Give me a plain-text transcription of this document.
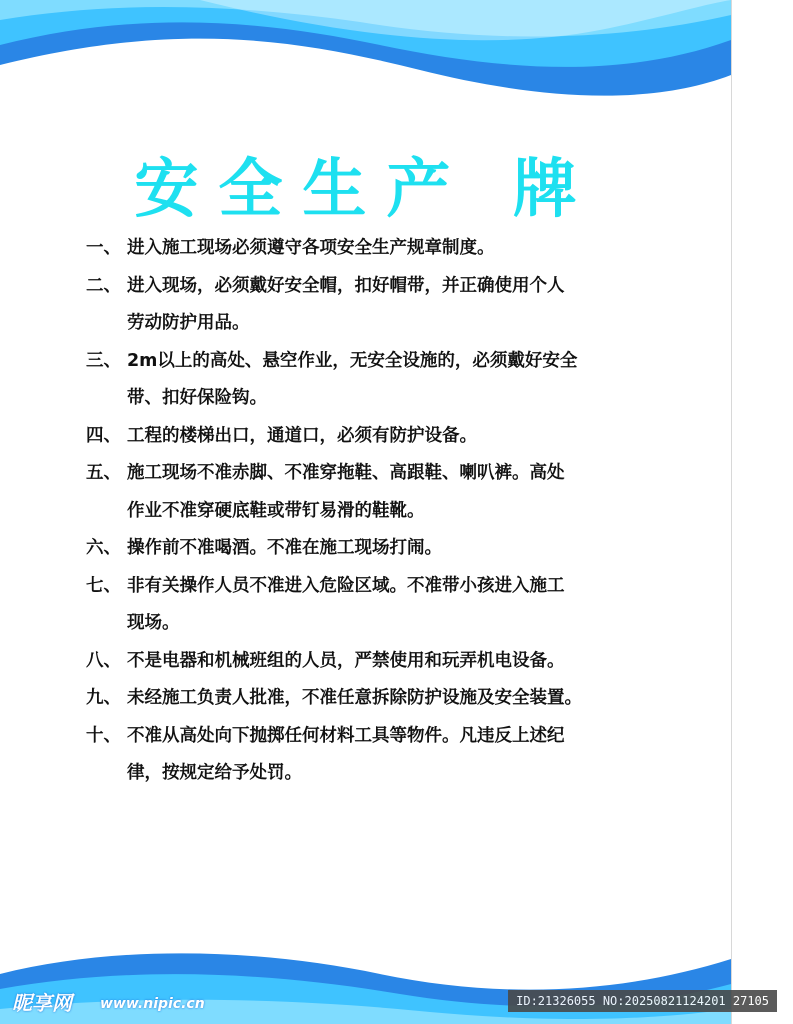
安全生产 牌
一、 进入施工现场必须遵守各项安全生产规章制度。
二、 进入现场，必须戴好安全帽，扣好帽带，并正确使用个人
劳动防护用品。
三、 2m以上的高处、悬空作业，无安全设施的，必须戴好安全
带、扣好保险钩。
四、 工程的楼梯出口，通道口，必须有防护设备。
五、 施工现场不准赤脚、不准穿拖鞋、高跟鞋、喇叭裤。高处
作业不准穿硬底鞋或带钉易滑的鞋靴。
六、 操作前不准喝酒。不准在施工现场打闹。
七、 非有关操作人员不准进入危险区域。不准带小孩进入施工
现场。
八、 不是电器和机械班组的人员，严禁使用和玩弄机电设备。
九、 未经施工负责人批准，不准任意拆除防护设施及安全装置。
十、 不准从高处向下抛掷任何材料工具等物件。凡违反上述纪
律，按规定给予处罚。
昵享网 www.nipic.cn	ID:21326055 NO:20250821124201 27105
